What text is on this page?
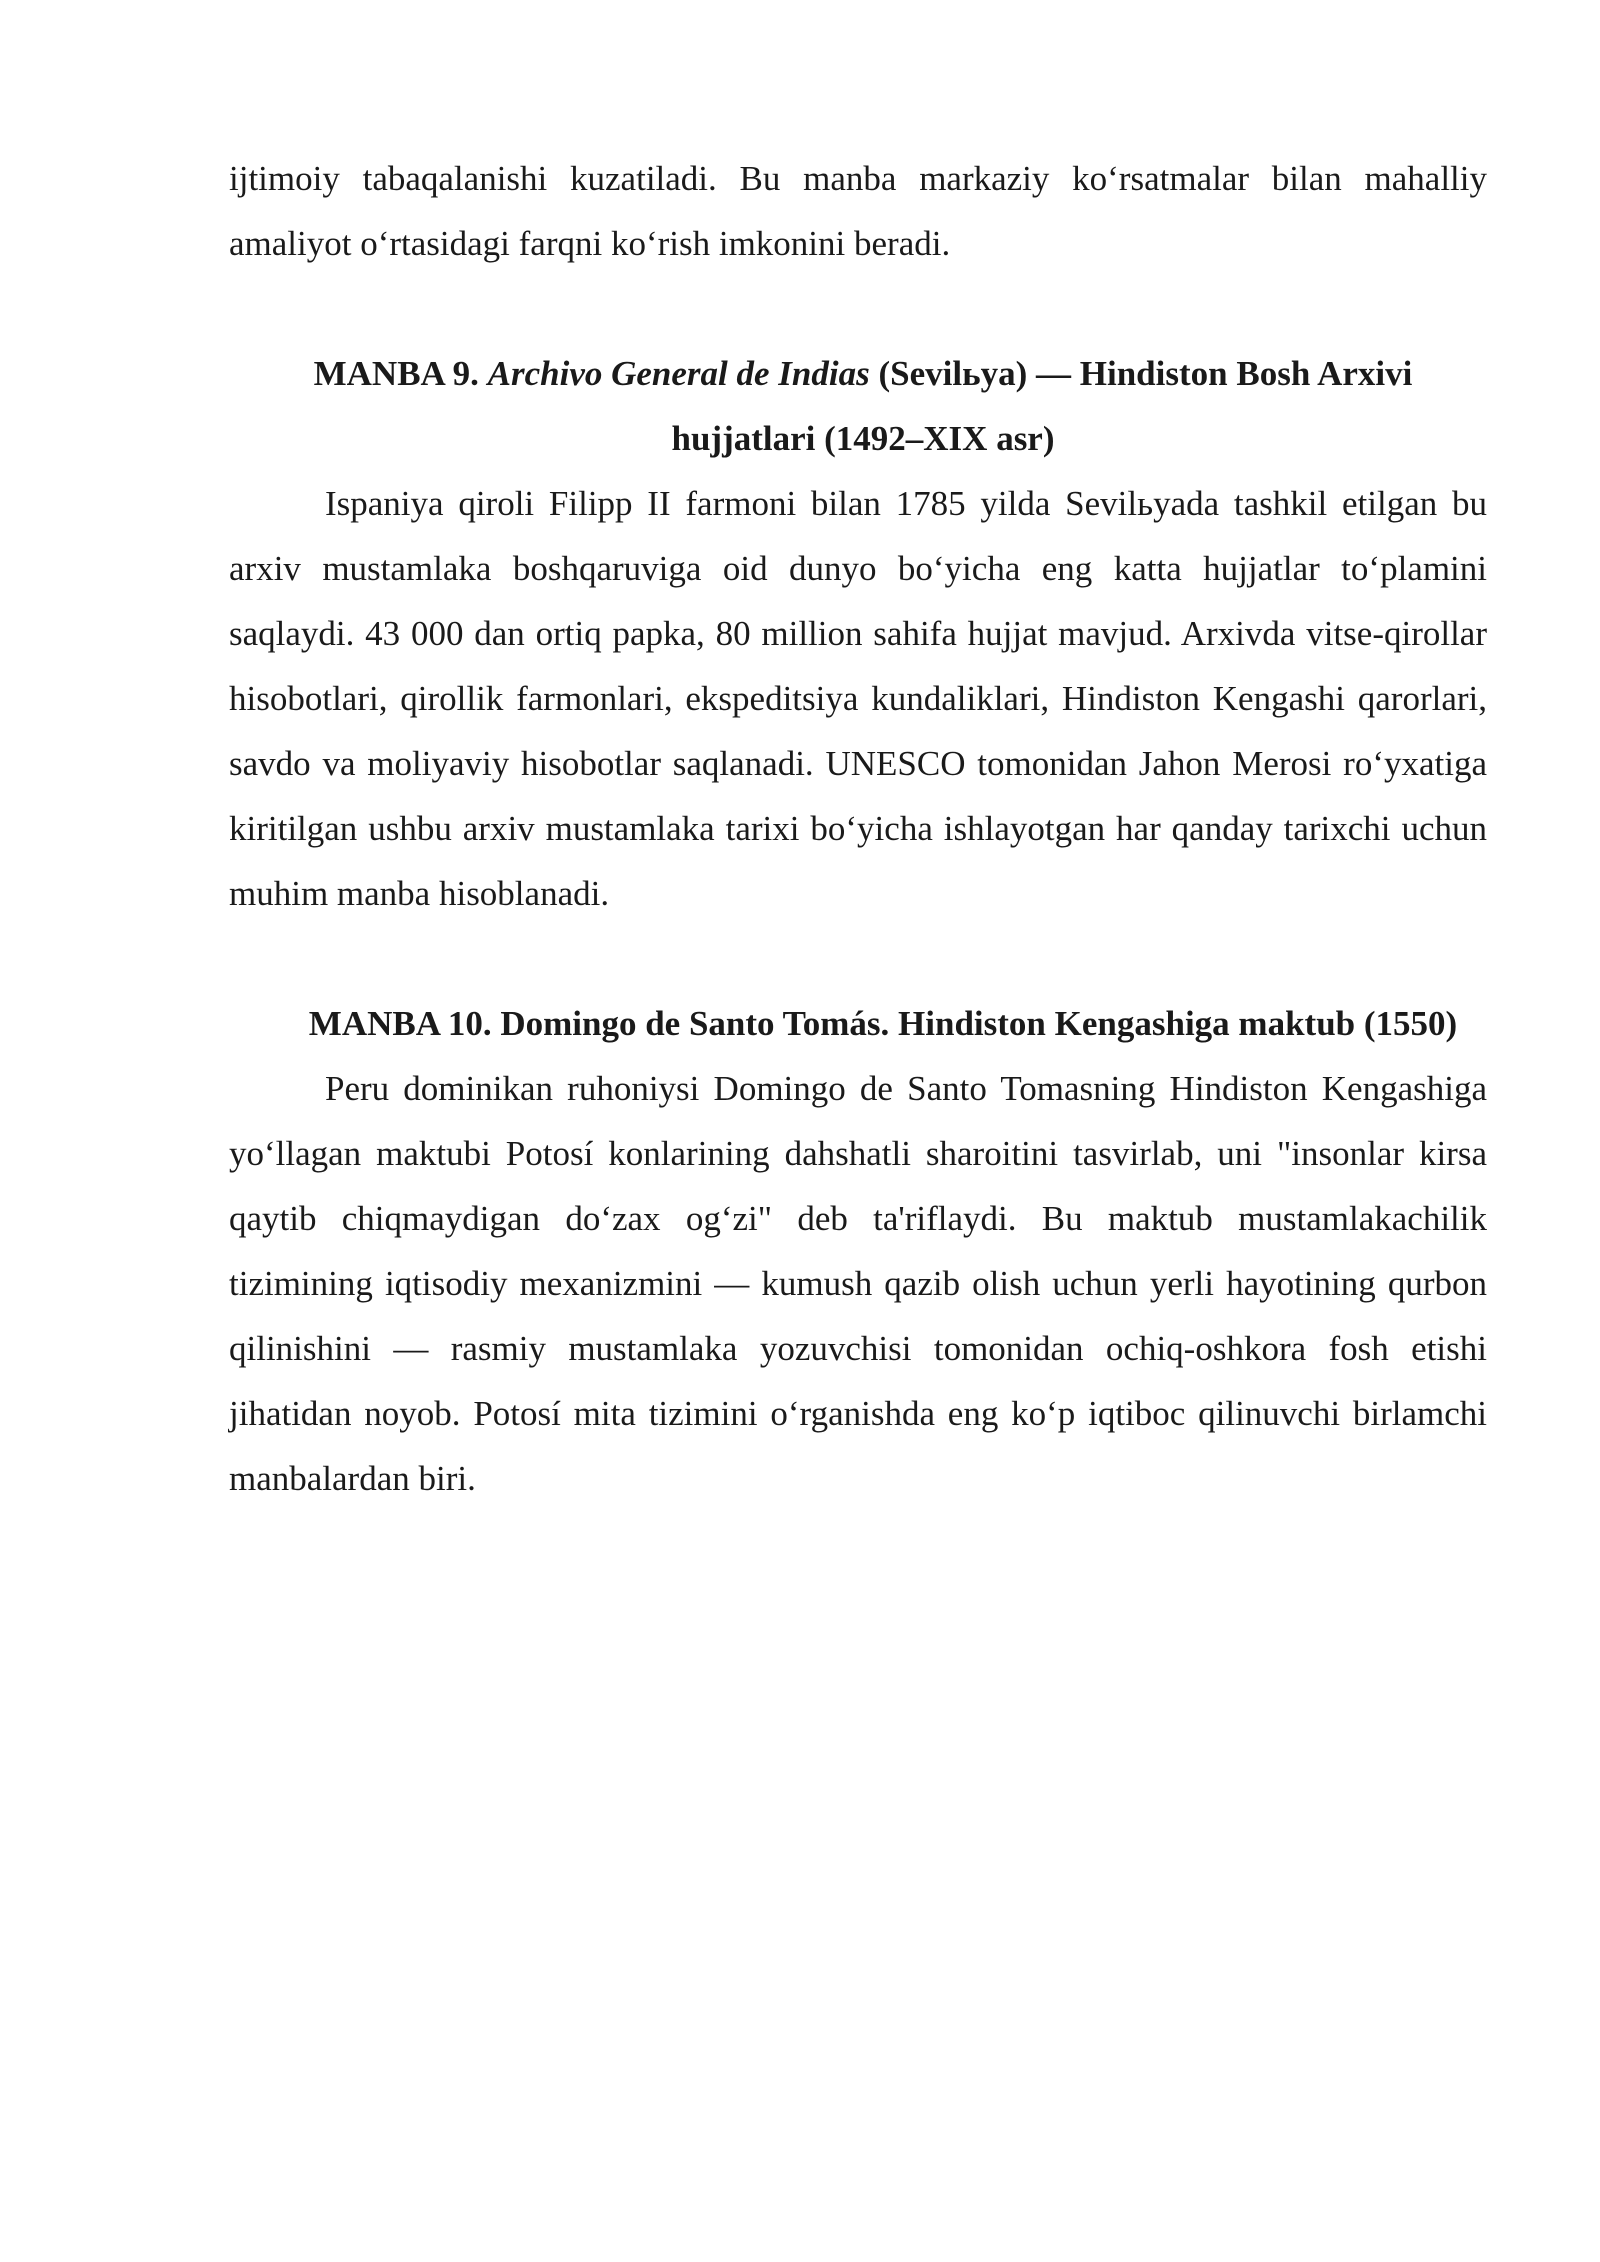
ijtimoiy tabaqalanishi kuzatiladi. Bu manba markaziy ko‘rsatmalar bilan mahalliy amaliyot o‘rtasidagi farqni ko‘rish imkonini beradi.

MANBA 9. Archivo General de Indias (Sevilьya) — Hindiston Bosh Arxivi hujjatlari (1492–XIX asr)

Ispaniya qiroli Filipp II farmoni bilan 1785 yilda Sevilьyada tashkil etilgan bu arxiv mustamlaka boshqaruviga oid dunyo bo‘yicha eng katta hujjatlar to‘plamini saqlaydi. 43 000 dan ortiq papka, 80 million sahifa hujjat mavjud. Arxivda vitse-qirollar hisobotlari, qirollik farmonlari, ekspeditsiya kundaliklari, Hindiston Kengashi qarorlari, savdo va moliyaviy hisobotlar saqlanadi. UNESCO tomonidan Jahon Merosi ro‘yxatiga kiritilgan ushbu arxiv mustamlaka tarixi bo‘yicha ishlayotgan har qanday tarixchi uchun muhim manba hisoblanadi.

MANBA 10. Domingo de Santo Tomás. Hindiston Kengashiga maktub (1550)

Peru dominikan ruhoniysi Domingo de Santo Tomasning Hindiston Kengashiga yo‘llagan maktubi Potosí konlarining dahshatli sharoitini tasvirlab, uni "insonlar kirsa qaytib chiqmaydigan do‘zax og‘zi" deb ta'riflaydi. Bu maktub mustamlakachilik tizimining iqtisodiy mexanizmini — kumush qazib olish uchun yerli hayotining qurbon qilinishini — rasmiy mustamlaka yozuvchisi tomonidan ochiq-oshkora fosh etishi jihatidan noyob. Potosí mita tizimini o‘rganishda eng ko‘p iqtiboc qilinuvchi birlamchi manbalardan biri.
